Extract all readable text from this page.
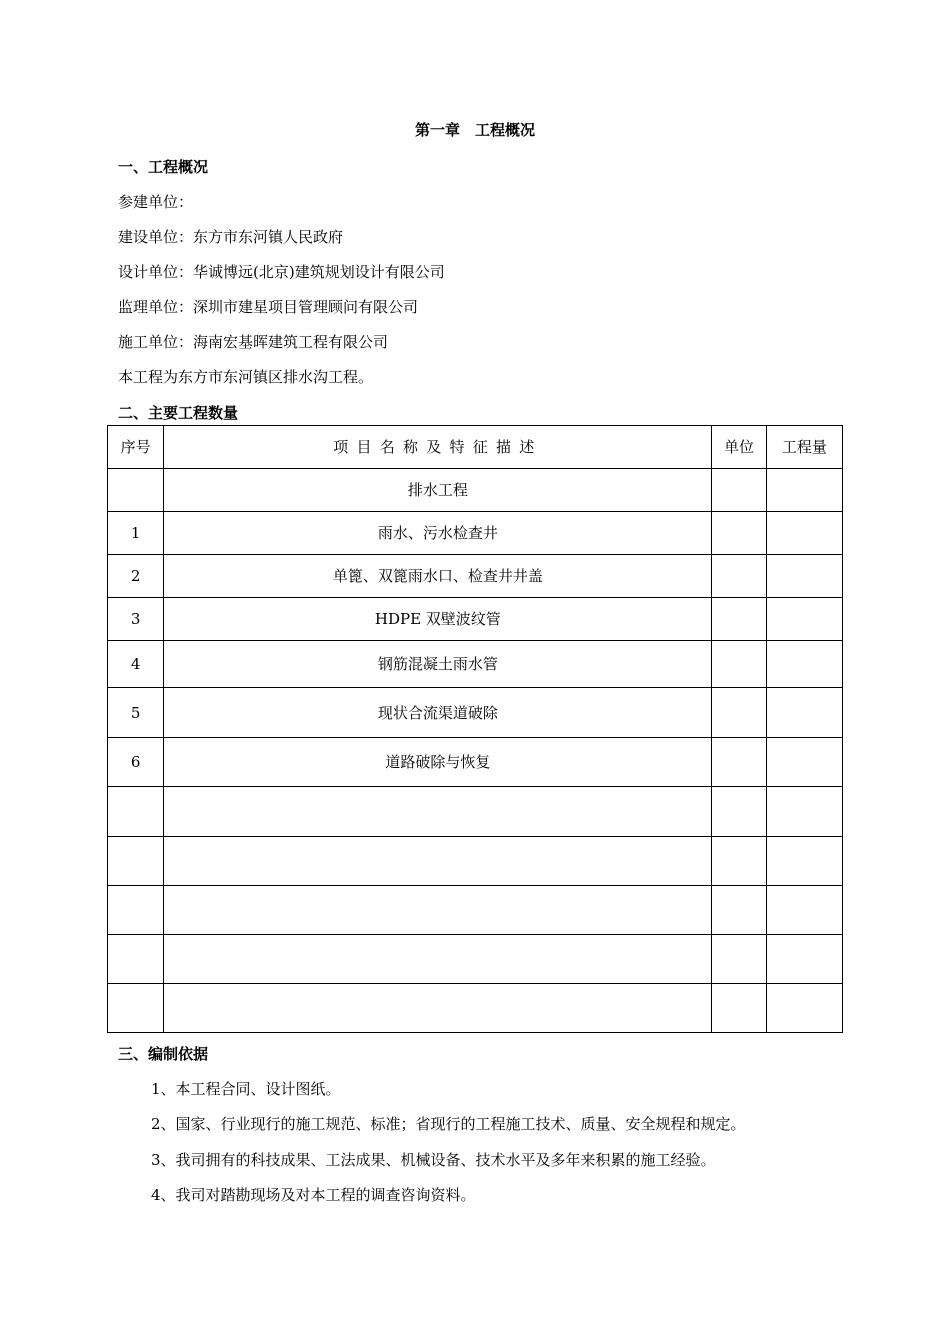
第一章　工程概况
一、工程概况
参建单位：
建设单位：东方市东河镇人民政府
设计单位：华诚博远(北京)建筑规划设计有限公司
监理单位：深圳市建星项目管理顾问有限公司
施工单位：海南宏基晖建筑工程有限公司
本工程为东方市东河镇区排水沟工程。
二、主要工程数量
序号	项目名称及特征描述	单位	工程量
	排水工程		
1	雨水、污水检查井		
2	单篦、双篦雨水口、检查井井盖		
3	HDPE 双壁波纹管		
4	钢筋混凝土雨水管		
5	现状合流渠道破除		
6	道路破除与恢复		

三、编制依据
1、本工程合同、设计图纸。
2、国家、行业现行的施工规范、标准；省现行的工程施工技术、质量、安全规程和规定。
3、我司拥有的科技成果、工法成果、机械设备、技术水平及多年来积累的施工经验。
4、我司对踏勘现场及对本工程的调查咨询资料。
